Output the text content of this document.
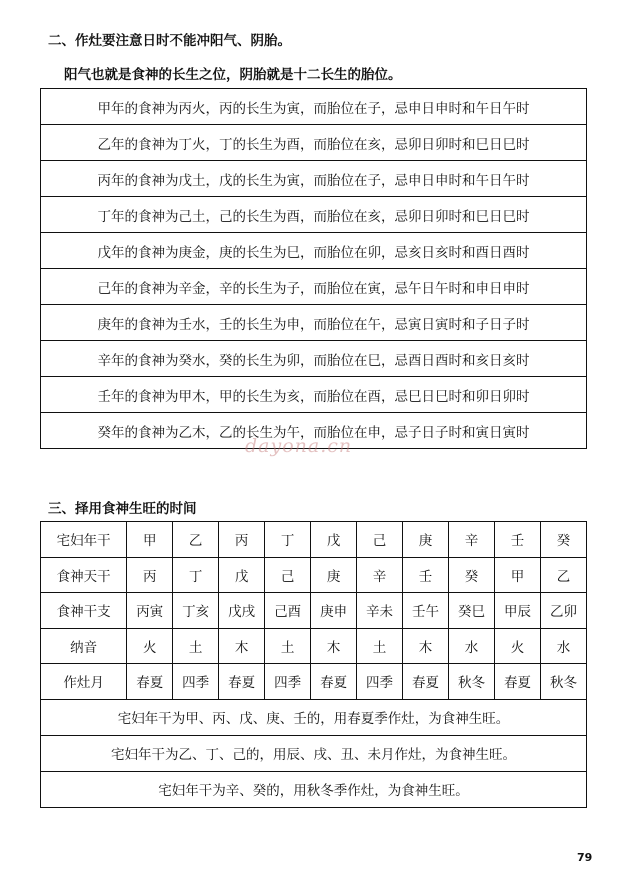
二、作灶要注意日时不能冲阳气、阴胎。
阳气也就是食神的长生之位，阴胎就是十二长生的胎位。
甲年的食神为丙火，丙的长生为寅，而胎位在子，忌申日申时和午日午时
乙年的食神为丁火，丁的长生为酉，而胎位在亥，忌卯日卯时和巳日巳时
丙年的食神为戊土，戊的长生为寅，而胎位在子，忌申日申时和午日午时
丁年的食神为己土，己的长生为酉，而胎位在亥，忌卯日卯时和巳日巳时
戊年的食神为庚金，庚的长生为巳，而胎位在卯，忌亥日亥时和酉日酉时
己年的食神为辛金，辛的长生为子，而胎位在寅，忌午日午时和申日申时
庚年的食神为壬水，壬的长生为申，而胎位在午，忌寅日寅时和子日子时
辛年的食神为癸水，癸的长生为卯，而胎位在巳，忌酉日酉时和亥日亥时
壬年的食神为甲木，甲的长生为亥，而胎位在酉，忌巳日巳时和卯日卯时
癸年的食神为乙木，乙的长生为午，而胎位在申，忌子日子时和寅日寅时
dayona.cn
三、择用食神生旺的时间
宅妇年干	甲	乙	丙	丁	戊	己	庚	辛	壬	癸
食神天干	丙	丁	戊	己	庚	辛	壬	癸	甲	乙
食神干支	丙寅	丁亥	戊戌	己酉	庚申	辛未	壬午	癸巳	甲辰	乙卯
纳音	火	土	木	土	木	土	木	水	火	水
作灶月	春夏	四季	春夏	四季	春夏	四季	春夏	秋冬	春夏	秋冬
宅妇年干为甲、丙、戊、庚、壬的，用春夏季作灶，为食神生旺。										
宅妇年干为乙、丁、己的，用辰、戌、丑、未月作灶，为食神生旺。										
宅妇年干为辛、癸的，用秋冬季作灶，为食神生旺。										
79
